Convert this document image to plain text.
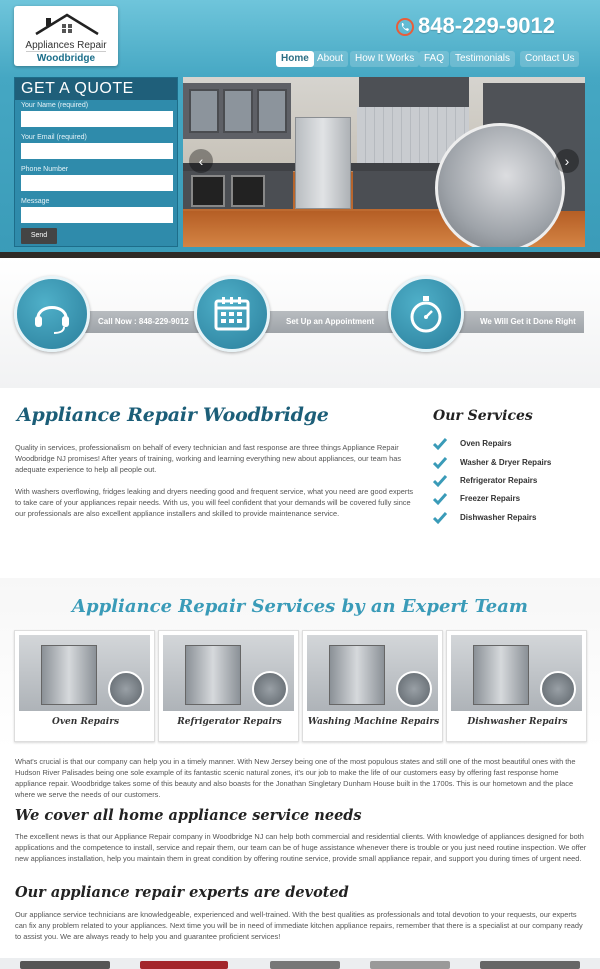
Appliances Repair
Woodbridge
848-229-9012
Home About	How It Works FAQ	Testimonials	Contact Us
GET A QUOTE
Your Name (required)
Your Email (required)
Phone Number
Message
Send
‹	›
Call Now : 848-229-9012	Set Up an Appointment	We Will Get it Done Right
Appliance Repair Woodbridge

Quality in services, professionalism on behalf of every technician and fast response are three things Appliance Repair Woodbridge NJ promises! After years of training, working and learning everything new about appliances, our team has adequate experience to help all people out.

With washers overflowing, fridges leaking and dryers needing good and frequent service, what you need are good experts to take care of your appliances repair needs. With us, you will feel confident that your demands will be covered fully since our professionals are also excellent appliance installers and skilled to provide maintenance service.

Our Services
Oven Repairs
Washer & Dryer Repairs
Refrigerator Repairs
Freezer Repairs
Dishwasher Repairs
Appliance Repair Services by an Expert Team
Oven Repairs	Refrigerator Repairs	Washing Machine Repairs	Dishwasher Repairs
What's crucial is that our company can help you in a timely manner. With New Jersey being one of the most populous states and still one of the most beautiful ones with the Hudson River Palisades being one sole example of its fantastic scenic natural zones, it's our job to make the life of our customers easy by offering fast response home appliance repair. Woodbridge takes some of this beauty and also boasts for the Jonathan Singletary Dunham House built in the 1700s. This is our hometown and the place where we serve the needs of our customers.
We cover all home appliance service needs
The excellent news is that our Appliance Repair company in Woodbridge NJ can help both commercial and residential clients. With knowledge of appliances designed for both applications and the competence to install, service and repair them, our team can be of huge assistance whenever there is trouble or you just need routine inspection. We offer new appliances installation, help you maintain them in great condition by offering routine service, provide small appliance repair, and support you during times of urgent need.
Our appliance repair experts are devoted
Our appliance service technicians are knowledgeable, experienced and well-trained. With the best qualities as professionals and total devotion to your requests, our experts can fix any problem related to your appliances. Next time you will be in need of immediate kitchen appliance repairs, remember that there is a specialist at our company ready to assist you. We are always ready to help you and guarantee proficient services!
